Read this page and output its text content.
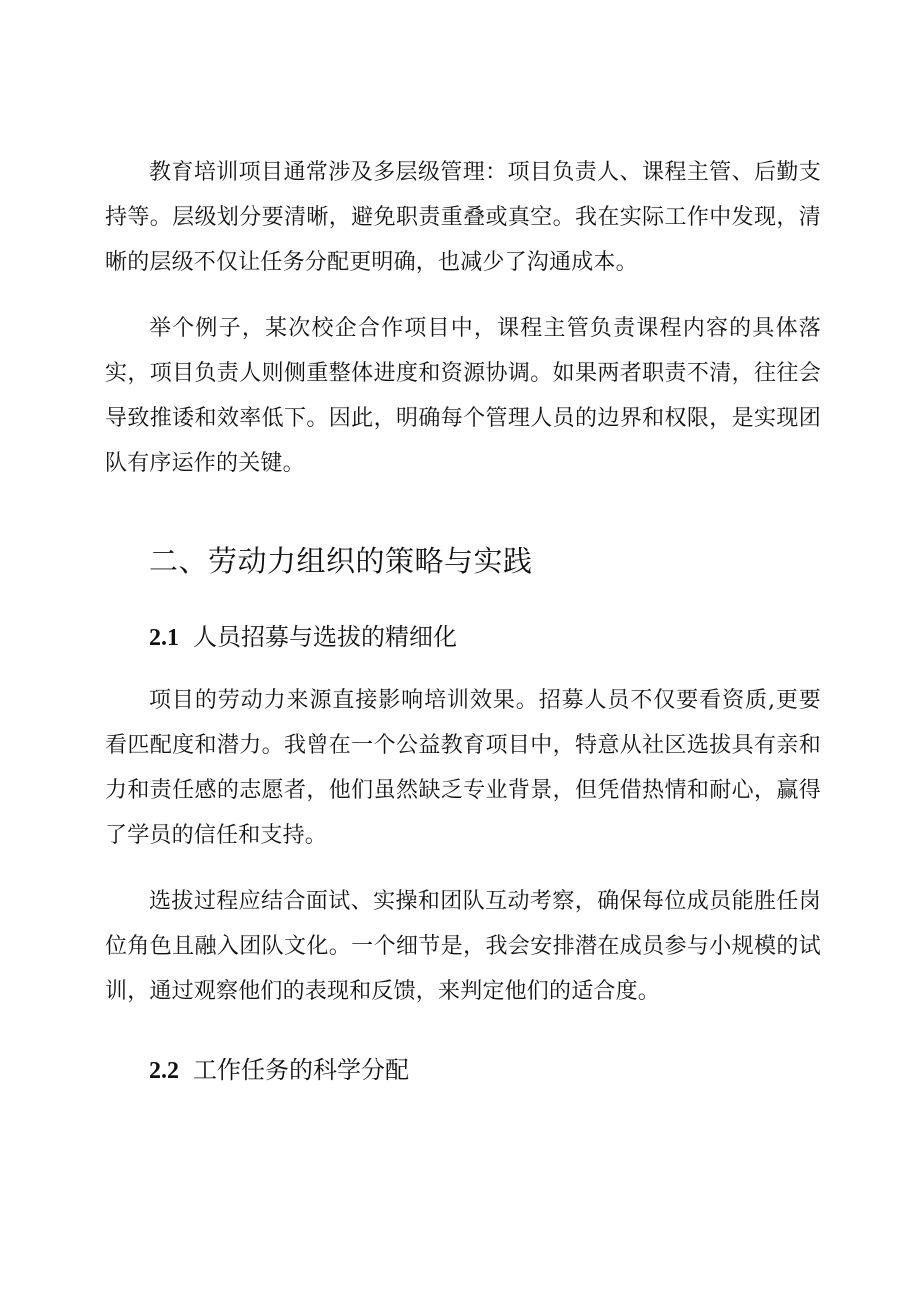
教育培训项目通常涉及多层级管理：项目负责人、课程主管、后勤支持等。层级划分要清晰，避免职责重叠或真空。我在实际工作中发现，清晰的层级不仅让任务分配更明确，也减少了沟通成本。

举个例子，某次校企合作项目中，课程主管负责课程内容的具体落实，项目负责人则侧重整体进度和资源协调。如果两者职责不清，往往会导致推诿和效率低下。因此，明确每个管理人员的边界和权限，是实现团队有序运作的关键。

二、劳动力组织的策略与实践
2.1 人员招募与选拔的精细化

项目的劳动力来源直接影响培训效果。招募人员不仅要看资质,更要看匹配度和潜力。我曾在一个公益教育项目中，特意从社区选拔具有亲和力和责任感的志愿者，他们虽然缺乏专业背景，但凭借热情和耐心，赢得了学员的信任和支持。

选拔过程应结合面试、实操和团队互动考察，确保每位成员能胜任岗位角色且融入团队文化。一个细节是，我会安排潜在成员参与小规模的试训，通过观察他们的表现和反馈，来判定他们的适合度。

2.2 工作任务的科学分配
